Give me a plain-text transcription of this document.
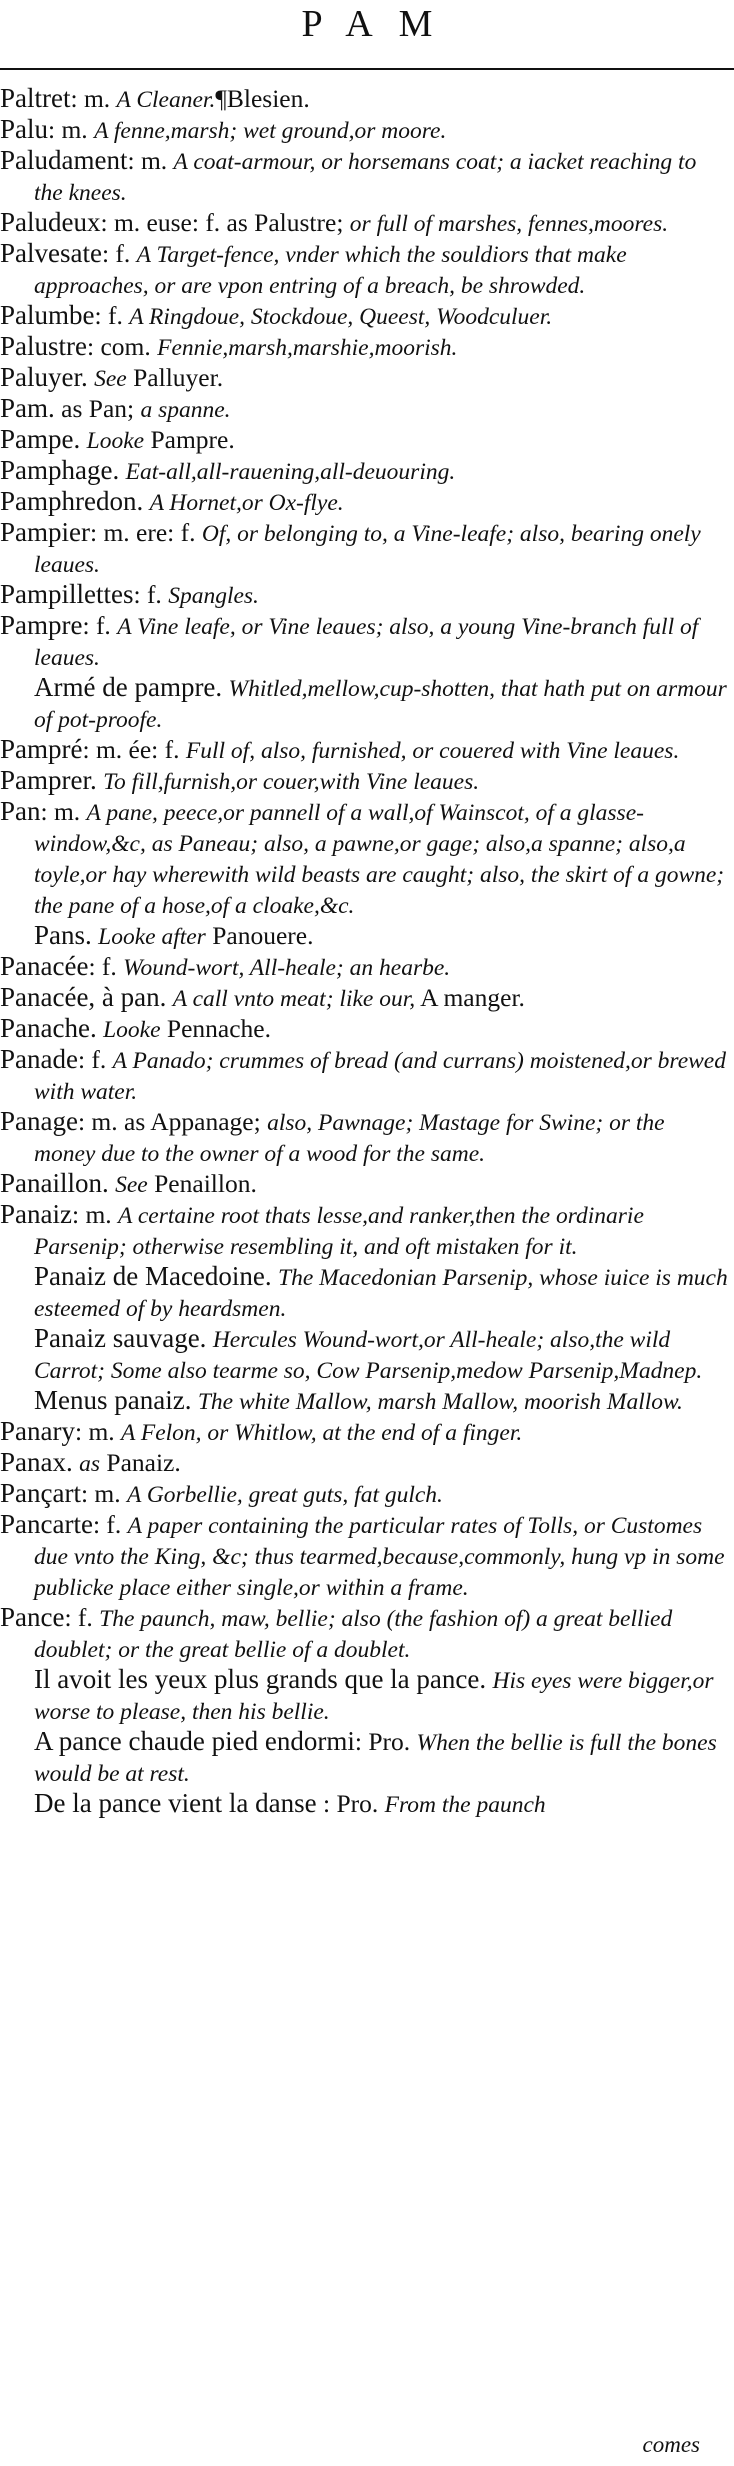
PAM

Paltret: m. A Cleaner.¶Blesien.

Palu: m. A fenne,marsh; wet ground,or moore.

Paludament: m. A coat-armour, or horsemans coat; a iacket reaching to the knees.

Paludeux: m. euse: f. as Palustre; or full of marshes, fennes,moores.

Palvesate: f. A Target-fence, vnder which the souldiors that make approaches, or are vpon entring of a breach, be shrowded.

Palumbe: f. A Ringdoue, Stockdoue, Queest, Woodculuer.

Palustre: com. Fennie,marsh,marshie,moorish.

Paluyer. See Palluyer.

Pam. as Pan; a spanne.

Pampe. Looke Pampre.

Pamphage. Eat-all,all-rauening,all-deuouring.

Pamphredon. A Hornet,or Ox-flye.

Pampier: m. ere: f. Of, or belonging to, a Vine-leafe; also, bearing onely leaues.

Pampillettes: f. Spangles.

Pampre: f. A Vine leafe, or Vine leaues; also, a young Vine-branch full of leaues.

Armé de pampre. Whitled,mellow,cup-shotten, that hath put on armour of pot-proofe.

Pampré: m. ée: f. Full of, also, furnished, or couered with Vine leaues.

Pamprer. To fill,furnish,or couer,with Vine leaues.

Pan: m. A pane, peece,or pannell of a wall,of Wainscot, of a glasse-window,&c, as Paneau; also, a pawne,or gage; also,a spanne; also,a toyle,or hay wherewith wild beasts are caught; also, the skirt of a gowne; the pane of a hose,of a cloake,&c.

Pans. Looke after Panouere.

Panacée: f. Wound-wort, All-heale; an hearbe.

Panacée, à pan. A call vnto meat; like our, A manger.

Panache. Looke Pennache.

Panade: f. A Panado; crummes of bread (and currans) moistened,or brewed with water.

Panage: m. as Appanage; also, Pawnage; Mastage for Swine; or the money due to the owner of a wood for the same.

Panaillon. See Penaillon.

Panaiz: m. A certaine root thats lesse,and ranker,then the ordinarie Parsenip; otherwise resembling it, and oft mistaken for it.

Panaiz de Macedoine. The Macedonian Parsenip, whose iuice is much esteemed of by heardsmen.

Panaiz sauvage. Hercules Wound-wort,or All-heale; also,the wild Carrot; Some also tearme so, Cow Parsenip,medow Parsenip,Madnep.

Menus panaiz. The white Mallow, marsh Mallow, moorish Mallow.

Panary: m. A Felon, or Whitlow, at the end of a finger.

Panax. as Panaiz.

Pançart: m. A Gorbellie, great guts, fat gulch.

Pancarte: f. A paper containing the particular rates of Tolls, or Customes due vnto the King, &c; thus tearmed,because,commonly, hung vp in some publicke place either single,or within a frame.

Pance: f. The paunch, maw, bellie; also (the fashion of) a great bellied doublet; or the great bellie of a doublet.

Il avoit les yeux plus grands que la pance. His eyes were bigger,or worse to please, then his bellie.

A pance chaude pied endormi: Pro. When the bellie is full the bones would be at rest.

De la pance vient la danse : Pro. From the paunch

comes
